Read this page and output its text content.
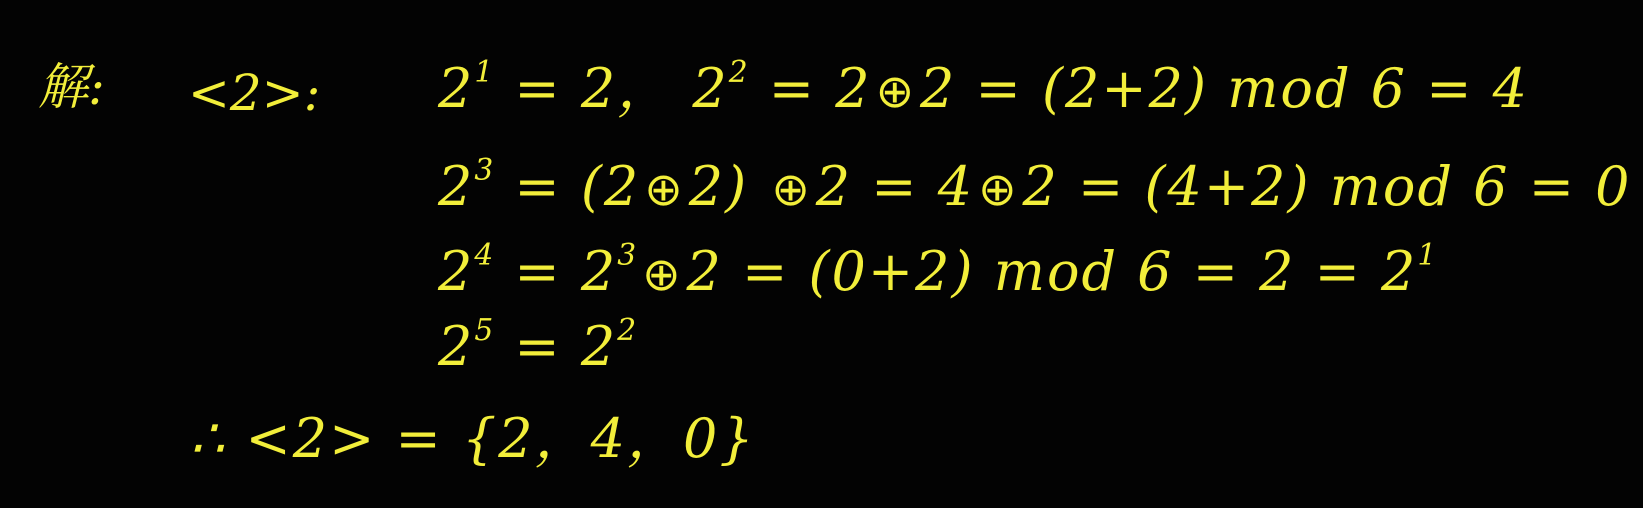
解: <2>: $2^1 = 2$， $2^2$ = 2⊕2 = (2+2) mod 6 = 4
$2^3$ = (2⊕2) ⊕2 = 4⊕2 = (4+2) mod 6 = 0
$2^4$ = $2^3\oplus 2 = (0+2)$ mod $6 = 2 = 2^1$
$2^5 = 2^2$
∴ <2> = {2，4，0}
